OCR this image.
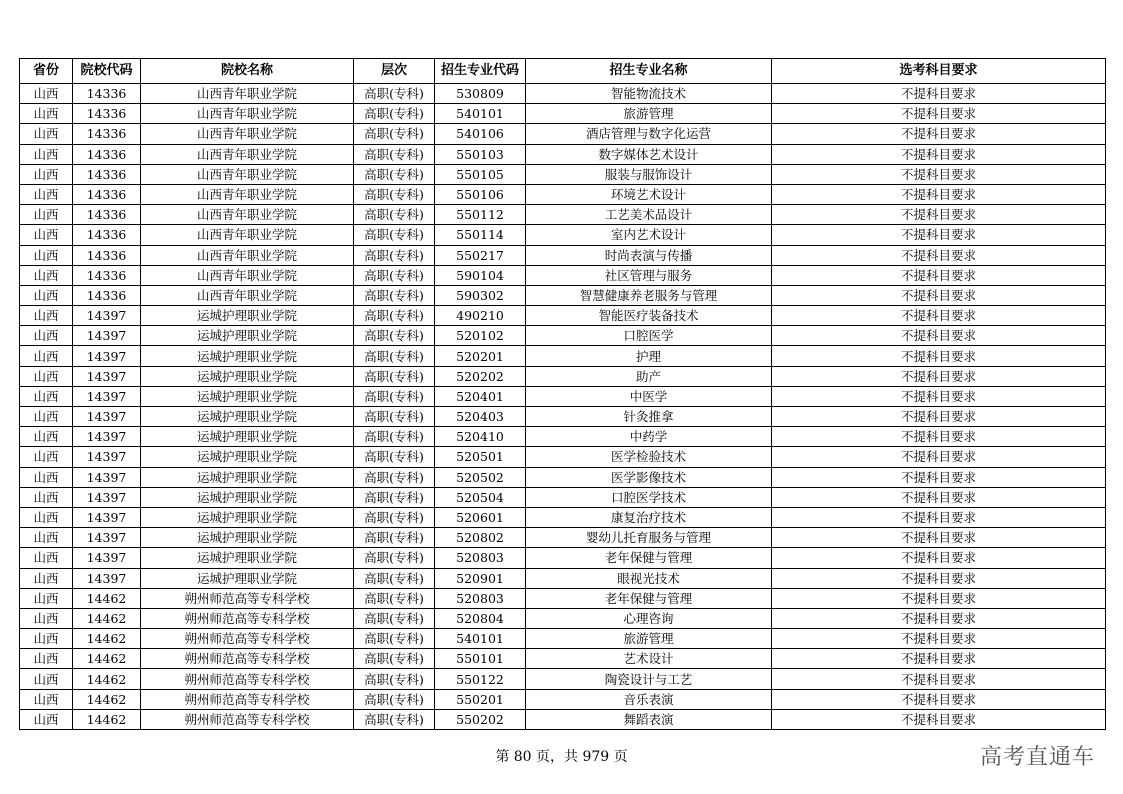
省份	院校代码	院校名称	层次	招生专业代码	招生专业名称	选考科目要求
山西	14336	山西青年职业学院	高职(专科)	530809	智能物流技术	不提科目要求
山西	14336	山西青年职业学院	高职(专科)	540101	旅游管理	不提科目要求
山西	14336	山西青年职业学院	高职(专科)	540106	酒店管理与数字化运营	不提科目要求
山西	14336	山西青年职业学院	高职(专科)	550103	数字媒体艺术设计	不提科目要求
山西	14336	山西青年职业学院	高职(专科)	550105	服装与服饰设计	不提科目要求
山西	14336	山西青年职业学院	高职(专科)	550106	环境艺术设计	不提科目要求
山西	14336	山西青年职业学院	高职(专科)	550112	工艺美术品设计	不提科目要求
山西	14336	山西青年职业学院	高职(专科)	550114	室内艺术设计	不提科目要求
山西	14336	山西青年职业学院	高职(专科)	550217	时尚表演与传播	不提科目要求
山西	14336	山西青年职业学院	高职(专科)	590104	社区管理与服务	不提科目要求
山西	14336	山西青年职业学院	高职(专科)	590302	智慧健康养老服务与管理	不提科目要求
山西	14397	运城护理职业学院	高职(专科)	490210	智能医疗装备技术	不提科目要求
山西	14397	运城护理职业学院	高职(专科)	520102	口腔医学	不提科目要求
山西	14397	运城护理职业学院	高职(专科)	520201	护理	不提科目要求
山西	14397	运城护理职业学院	高职(专科)	520202	助产	不提科目要求
山西	14397	运城护理职业学院	高职(专科)	520401	中医学	不提科目要求
山西	14397	运城护理职业学院	高职(专科)	520403	针灸推拿	不提科目要求
山西	14397	运城护理职业学院	高职(专科)	520410	中药学	不提科目要求
山西	14397	运城护理职业学院	高职(专科)	520501	医学检验技术	不提科目要求
山西	14397	运城护理职业学院	高职(专科)	520502	医学影像技术	不提科目要求
山西	14397	运城护理职业学院	高职(专科)	520504	口腔医学技术	不提科目要求
山西	14397	运城护理职业学院	高职(专科)	520601	康复治疗技术	不提科目要求
山西	14397	运城护理职业学院	高职(专科)	520802	婴幼儿托育服务与管理	不提科目要求
山西	14397	运城护理职业学院	高职(专科)	520803	老年保健与管理	不提科目要求
山西	14397	运城护理职业学院	高职(专科)	520901	眼视光技术	不提科目要求
山西	14462	朔州师范高等专科学校	高职(专科)	520803	老年保健与管理	不提科目要求
山西	14462	朔州师范高等专科学校	高职(专科)	520804	心理咨询	不提科目要求
山西	14462	朔州师范高等专科学校	高职(专科)	540101	旅游管理	不提科目要求
山西	14462	朔州师范高等专科学校	高职(专科)	550101	艺术设计	不提科目要求
山西	14462	朔州师范高等专科学校	高职(专科)	550122	陶瓷设计与工艺	不提科目要求
山西	14462	朔州师范高等专科学校	高职(专科)	550201	音乐表演	不提科目要求
山西	14462	朔州师范高等专科学校	高职(专科)	550202	舞蹈表演	不提科目要求
第 80 页，共 979 页	高考直通车
